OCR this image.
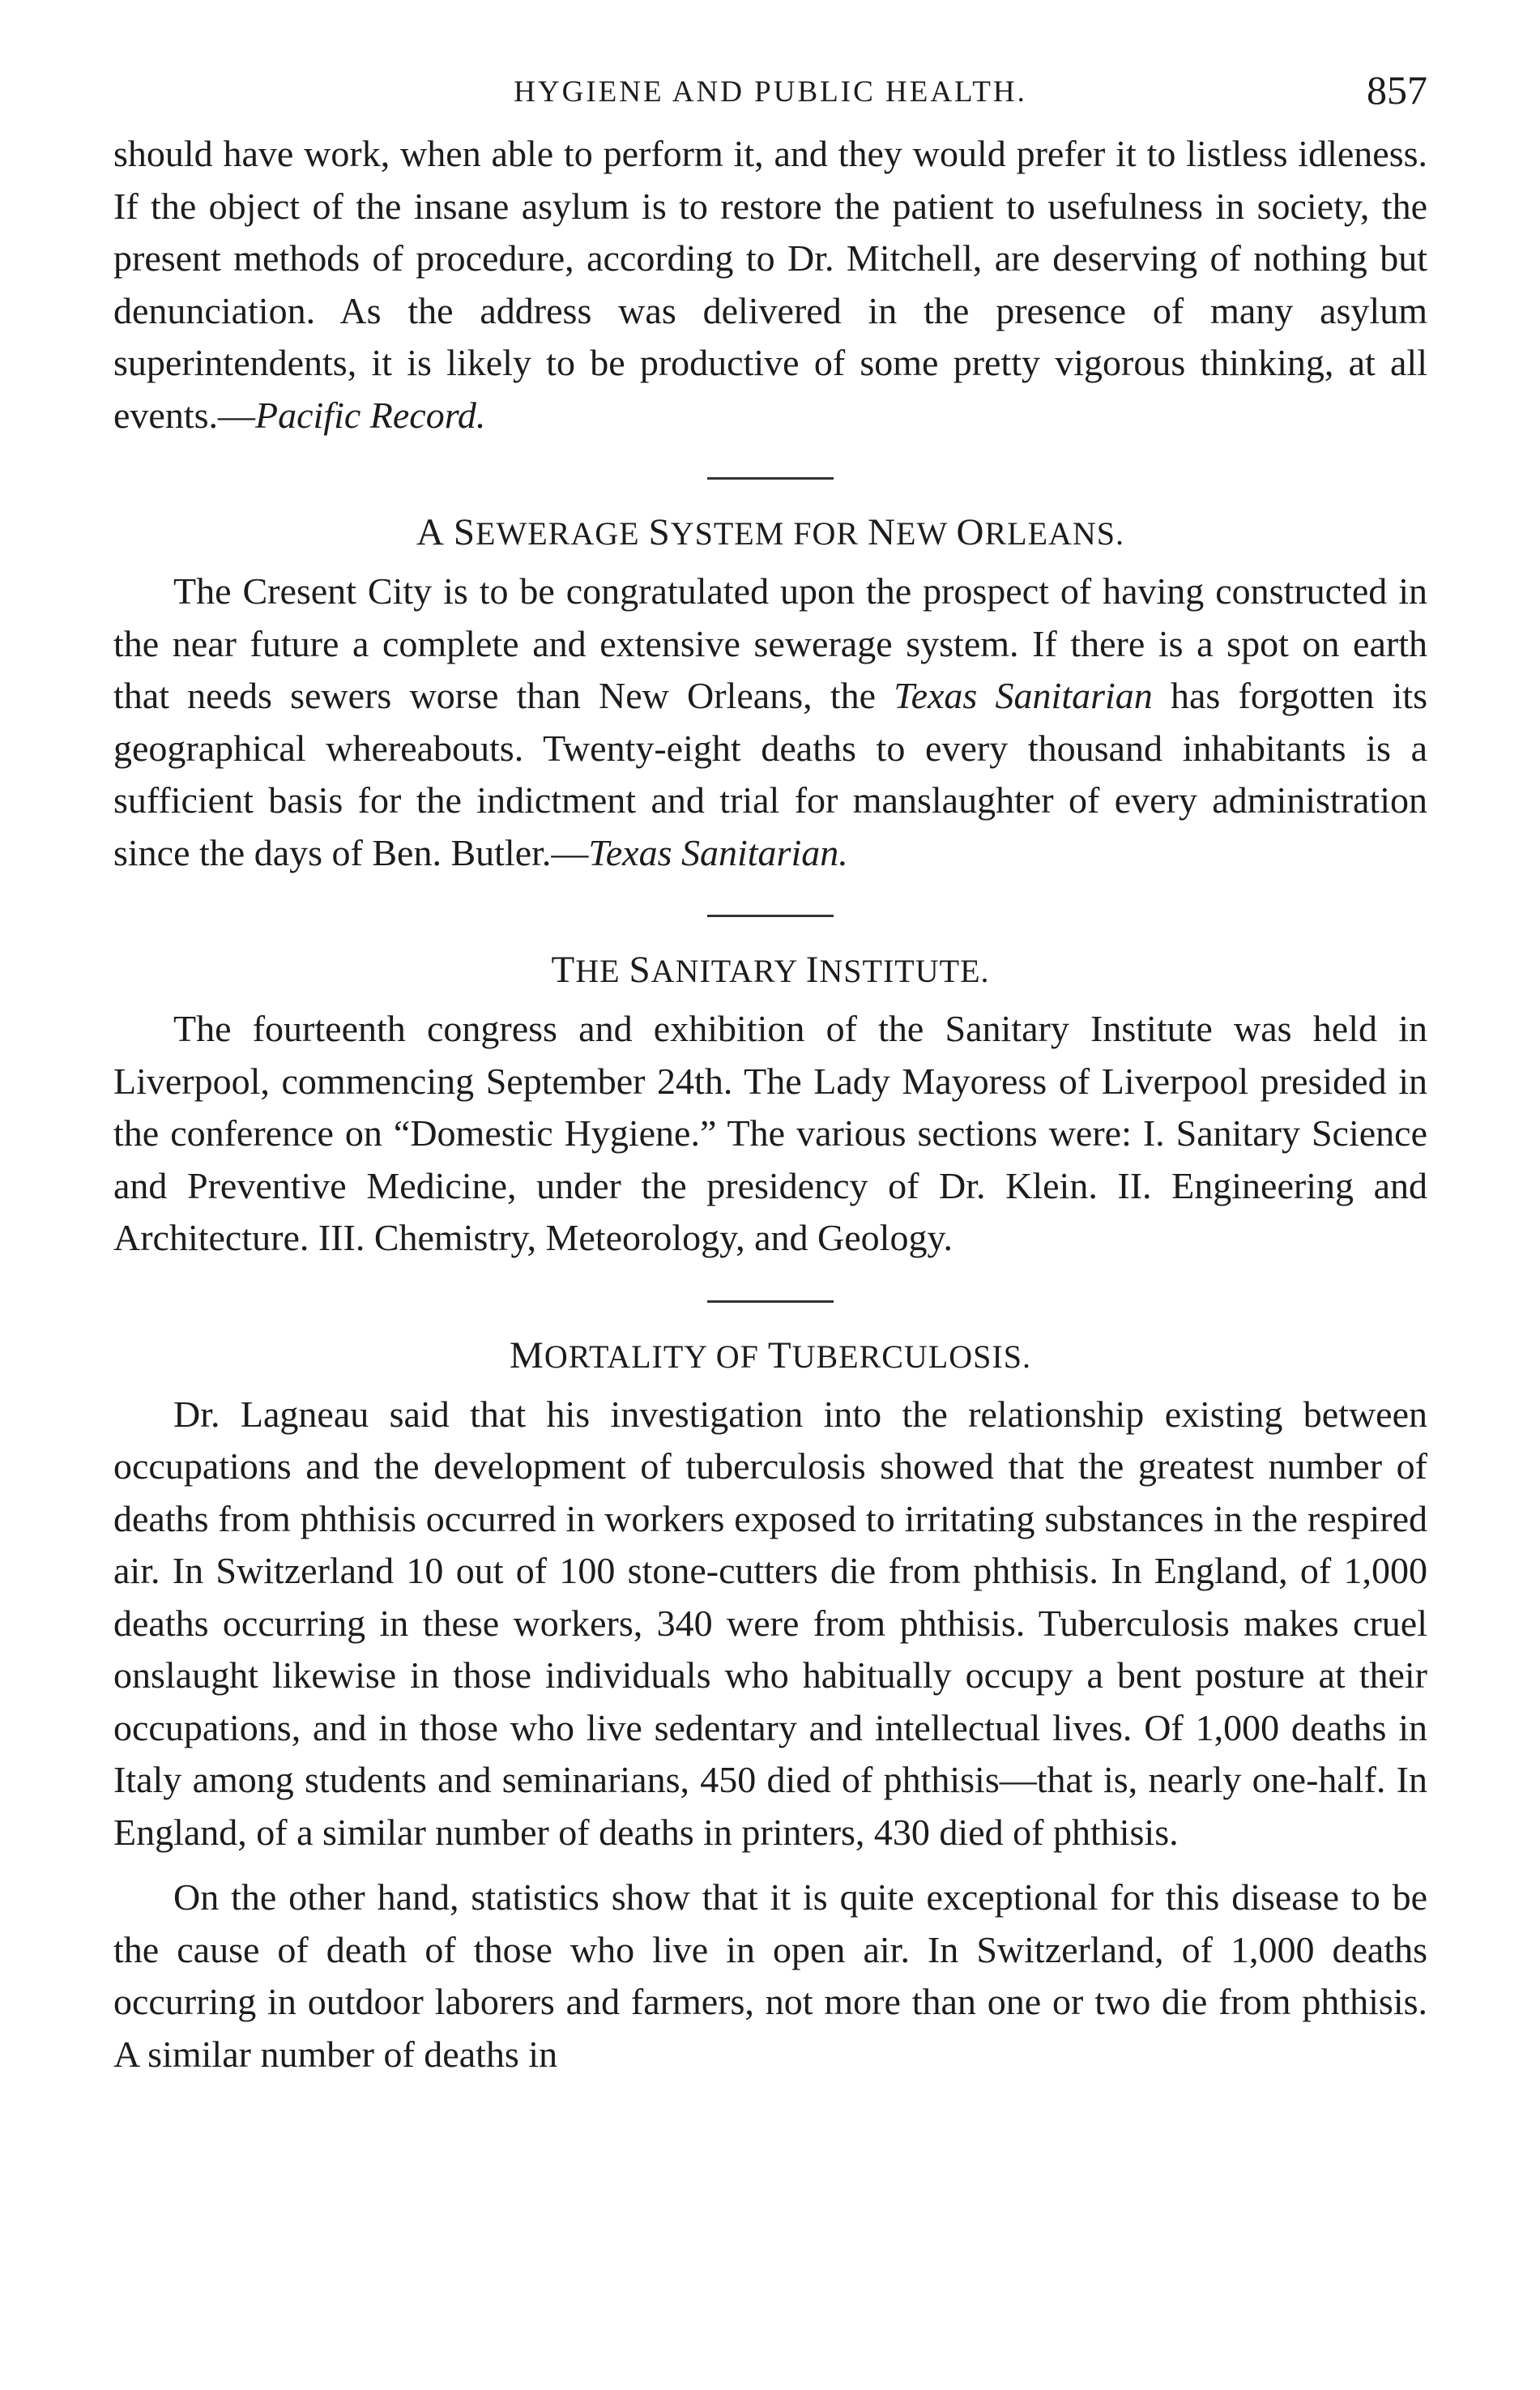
HYGIENE AND PUBLIC HEALTH.	857

should have work, when able to perform it, and they would prefer it to listless idleness. If the object of the insane asylum is to restore the patient to usefulness in society, the present methods of procedure, according to Dr. Mitchell, are deserving of nothing but denunciation. As the address was delivered in the presence of many asylum superintendents, it is likely to be productive of some pretty vigorous thinking, at all events.—Pacific Record.

A SEWERAGE SYSTEM FOR NEW ORLEANS.

The Cresent City is to be congratulated upon the prospect of having constructed in the near future a complete and extensive sewerage system. If there is a spot on earth that needs sewers worse than New Orleans, the Texas Sanitarian has forgotten its geographical whereabouts. Twenty-eight deaths to every thousand inhabitants is a sufficient basis for the indictment and trial for manslaughter of every administration since the days of Ben. Butler.—Texas Sanitarian.

THE SANITARY INSTITUTE.

The fourteenth congress and exhibition of the Sanitary Institute was held in Liverpool, commencing September 24th. The Lady Mayoress of Liverpool presided in the conference on “Domestic Hygiene.” The various sections were: I. Sanitary Science and Preventive Medicine, under the presidency of Dr. Klein. II. Engineering and Architecture. III. Chemistry, Meteorology, and Geology.

MORTALITY OF TUBERCULOSIS.

Dr. Lagneau said that his investigation into the relationship existing between occupations and the development of tuberculosis showed that the greatest number of deaths from phthisis occurred in workers exposed to irritating substances in the respired air. In Switzerland 10 out of 100 stone-cutters die from phthisis. In England, of 1,000 deaths occurring in these workers, 340 were from phthisis. Tuberculosis makes cruel onslaught likewise in those individuals who habitually occupy a bent posture at their occupations, and in those who live sedentary and intellectual lives. Of 1,000 deaths in Italy among students and seminarians, 450 died of phthisis—that is, nearly one-half. In England, of a similar number of deaths in printers, 430 died of phthisis.

On the other hand, statistics show that it is quite exceptional for this disease to be the cause of death of those who live in open air. In Switzerland, of 1,000 deaths occurring in outdoor laborers and farmers, not more than one or two die from phthisis. A similar number of deaths in
